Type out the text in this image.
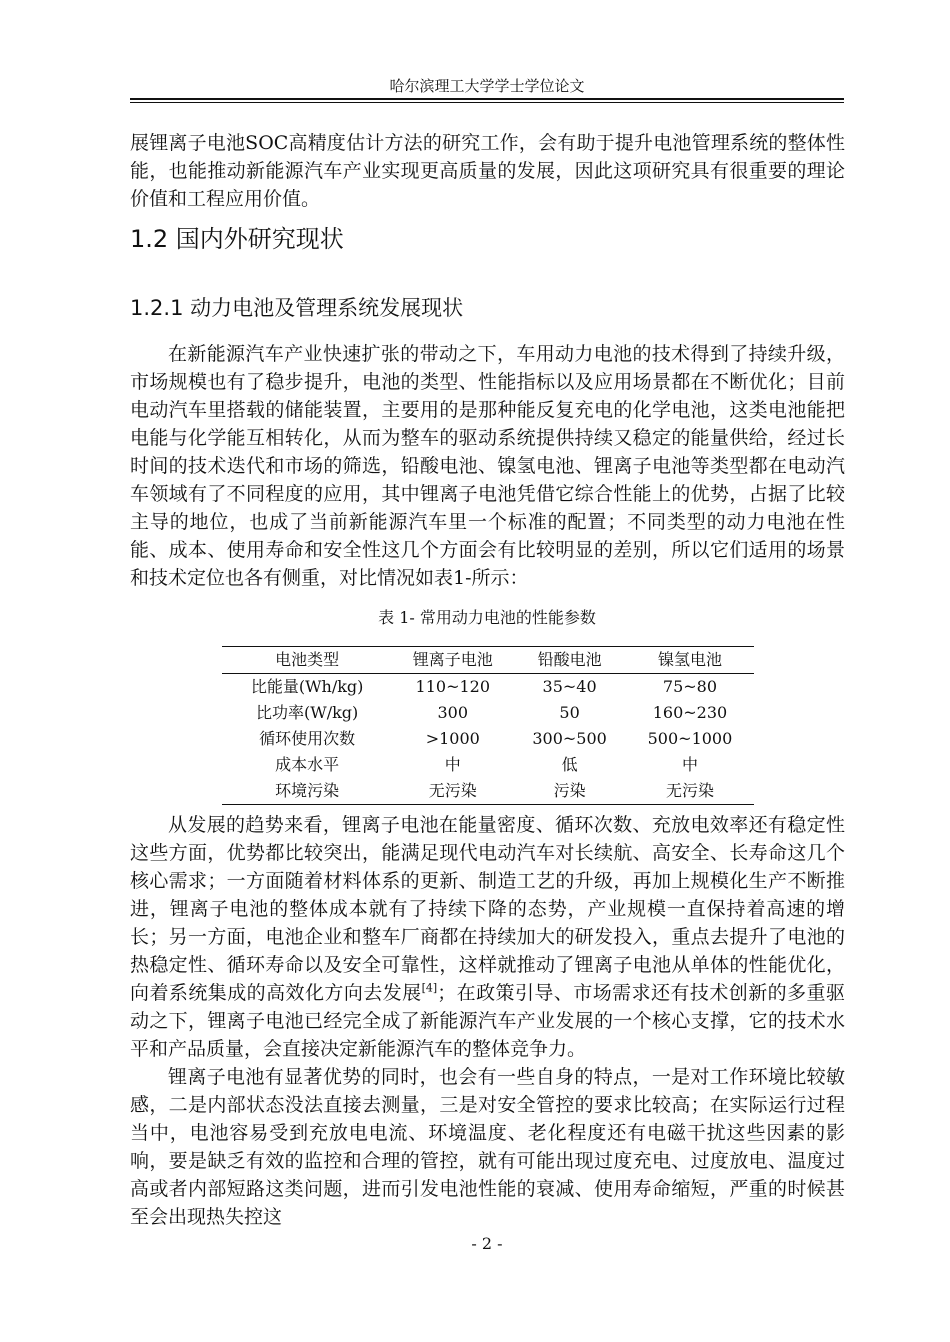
哈尔滨理工大学学士学位论文
展锂离子电池SOC高精度估计方法的研究工作，会有助于提升电池管理系统的整体性能，也能推动新能源汽车产业实现更高质量的发展，因此这项研究具有很重要的理论价值和工程应用价值。
1.2 国内外研究现状
1.2.1 动力电池及管理系统发展现状
在新能源汽车产业快速扩张的带动之下，车用动力电池的技术得到了持续升级，市场规模也有了稳步提升，电池的类型、性能指标以及应用场景都在不断优化；目前电动汽车里搭载的储能装置，主要用的是那种能反复充电的化学电池，这类电池能把电能与化学能互相转化，从而为整车的驱动系统提供持续又稳定的能量供给，经过长时间的技术迭代和市场的筛选，铅酸电池、镍氢电池、锂离子电池等类型都在电动汽车领域有了不同程度的应用，其中锂离子电池凭借它综合性能上的优势，占据了比较主导的地位，也成了当前新能源汽车里一个标准的配置；不同类型的动力电池在性能、成本、使用寿命和安全性这几个方面会有比较明显的差别，所以它们适用的场景和技术定位也各有侧重，对比情况如表1-所示：
表 1- 常用动力电池的性能参数
电池类型	锂离子电池	铅酸电池	镍氢电池
比能量(Wh/kg)	110~120	35~40	75~80
比功率(W/kg)	300	50	160~230
循环使用次数	>1000	300~500	500~1000
成本水平	中	低	中
环境污染	无污染	污染	无污染
从发展的趋势来看，锂离子电池在能量密度、循环次数、充放电效率还有稳定性这些方面，优势都比较突出，能满足现代电动汽车对长续航、高安全、长寿命这几个核心需求；一方面随着材料体系的更新、制造工艺的升级，再加上规模化生产不断推进，锂离子电池的整体成本就有了持续下降的态势，产业规模一直保持着高速的增长；另一方面，电池企业和整车厂商都在持续加大的研发投入，重点去提升了电池的热稳定性、循环寿命以及安全可靠性，这样就推动了锂离子电池从单体的性能优化，向着系统集成的高效化方向去发展[4]；在政策引导、市场需求还有技术创新的多重驱动之下，锂离子电池已经完全成了新能源汽车产业发展的一个核心支撑，它的技术水平和产品质量，会直接决定新能源汽车的整体竞争力。
锂离子电池有显著优势的同时，也会有一些自身的特点，一是对工作环境比较敏感，二是内部状态没法直接去测量，三是对安全管控的要求比较高；在实际运行过程当中，电池容易受到充放电电流、环境温度、老化程度还有电磁干扰这些因素的影响，要是缺乏有效的监控和合理的管控，就有可能出现过度充电、过度放电、温度过高或者内部短路这类问题，进而引发电池性能的衰减、使用寿命缩短，严重的时候甚至会出现热失控这
- 2 -
